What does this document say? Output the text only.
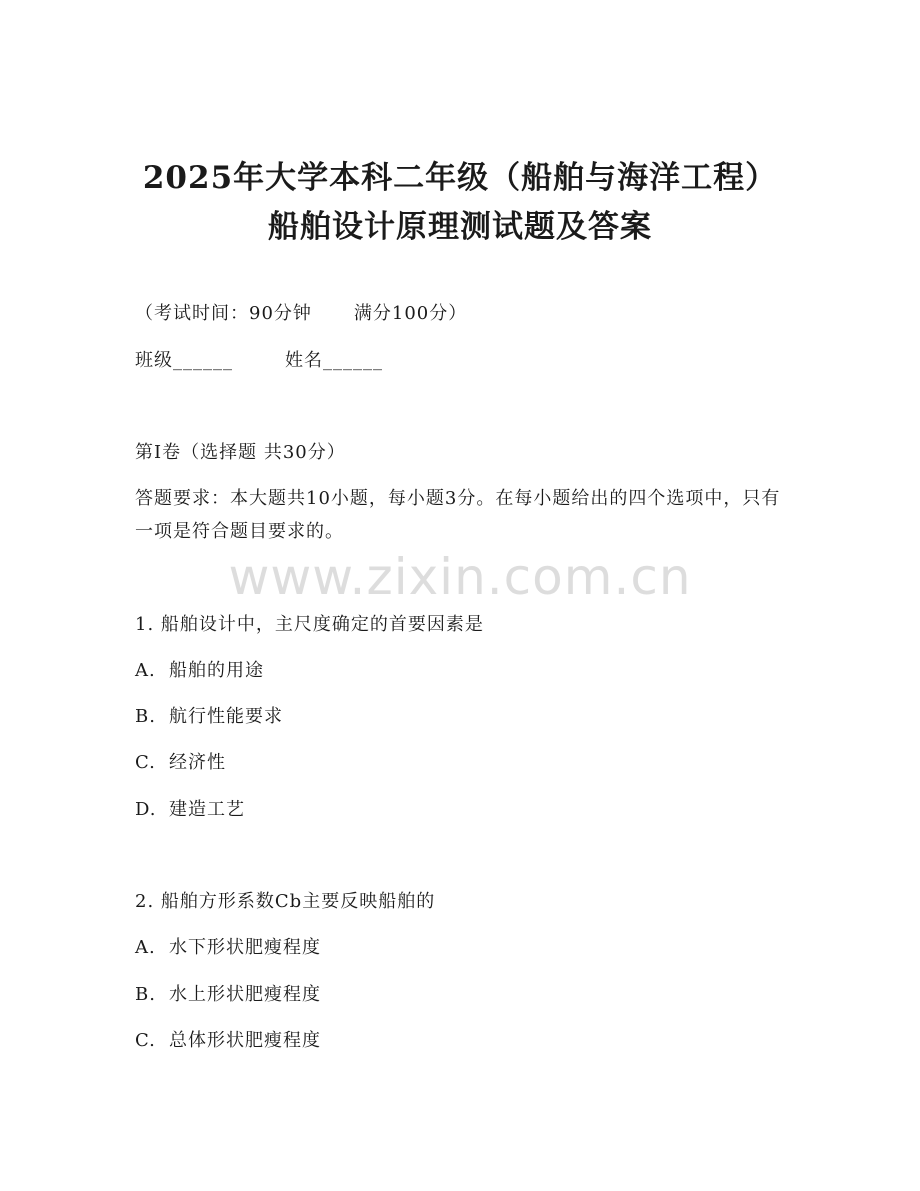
2025年大学本科二年级（船舶与海洋工程）
船舶设计原理测试题及答案
（考试时间：90分钟 满分100分）
班级______	姓名______
第I卷（选择题 共30分）
答题要求：本大题共10小题，每小题3分。在每小题给出的四个选项中，只有一项是符合题目要求的。
www.zixin.com.cn
1. 船舶设计中，主尺度确定的首要因素是
A. 船舶的用途
B. 航行性能要求
C. 经济性
D. 建造工艺
2. 船舶方形系数Cb主要反映船舶的
A. 水下形状肥瘦程度
B. 水上形状肥瘦程度
C. 总体形状肥瘦程度
